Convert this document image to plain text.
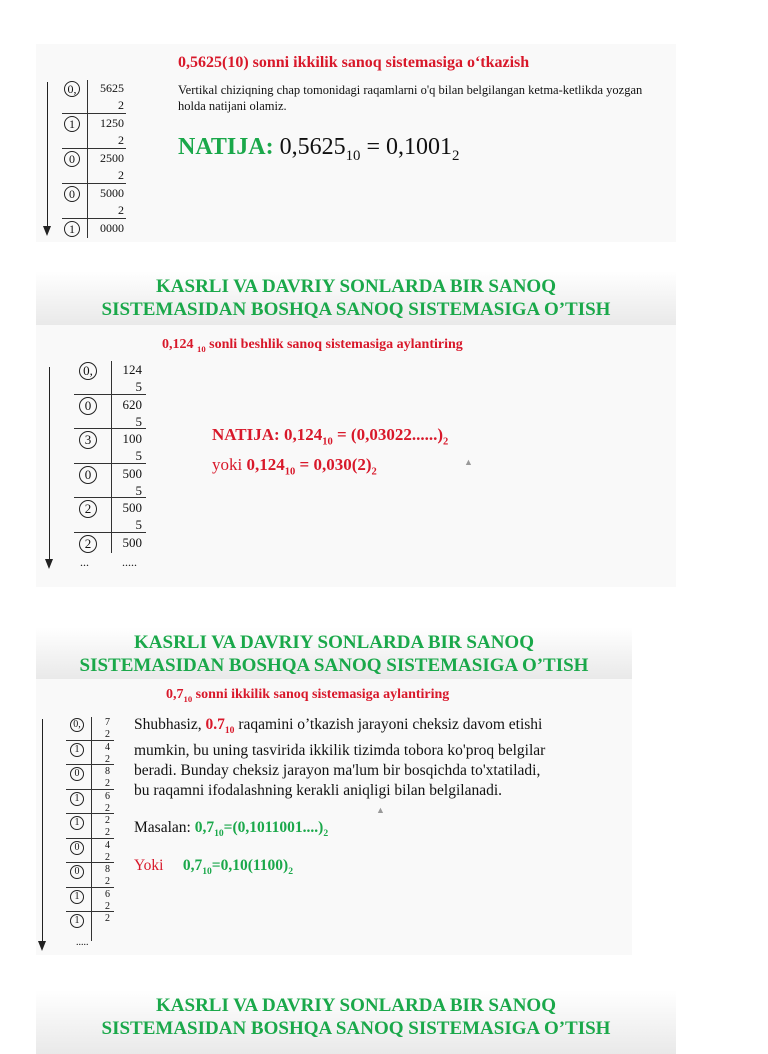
0,	5625
2
1	1250
2
0	2500
2
0	5000
2
1	0000
0,5625(10) sonni ikkilik sanoq sistemasiga o‘tkazish
Vertikal chiziqning chap tomonidagi raqamlarni o'q bilan belgilangan ketma-ketlikda yozgan holda natijani olamiz.
NATIJA: $0,5625_{10} = 0,1001_2$
KASRLI VA DAVRIY SONLARDA BIR SANOQ
SISTEMASIDAN BOSHQA SANOQ SISTEMASIGA O’TISH
0,124 $_{10}$ sonli beshlik sanoq sistemasiga aylantiring
0,	124
5
0	620
5
3	100
5
0	500
5
2	500
5
2	500
...	.....
NATIJA: $0,124_{10} = (0,03022......)_2$
yoki $0,124_{10} = 0,030(2)_2$
▲
KASRLI VA DAVRIY SONLARDA BIR SANOQ
SISTEMASIDAN BOSHQA SANOQ SISTEMASIGA O’TISH
$0,7_{10}$ sonni ikkilik sanoq sistemasiga aylantiring
0,	7
2
1	4
2
0	8
2
1	6
2
1	2
2
0	4
2
0	8
2
1	6
2
1	2
.....
Shubhasiz, $0.7_{10}$ raqamini o’tkazish jarayoni cheksiz davom etishi
mumkin, bu uning tasvirida ikkilik tizimda tobora ko'proq belgilar
beradi. Bunday cheksiz jarayon ma'lum bir bosqichda to'xtatiladi,
bu raqamni ifodalashning kerakli aniqligi bilan belgilanadi.
▲
Masalan: $0,7_{10}=(0,1011001....)_2$
Yoki $0,7_{10}=0,10(1100)_2$
KASRLI VA DAVRIY SONLARDA BIR SANOQ
SISTEMASIDAN BOSHQA SANOQ SISTEMASIGA O’TISH
